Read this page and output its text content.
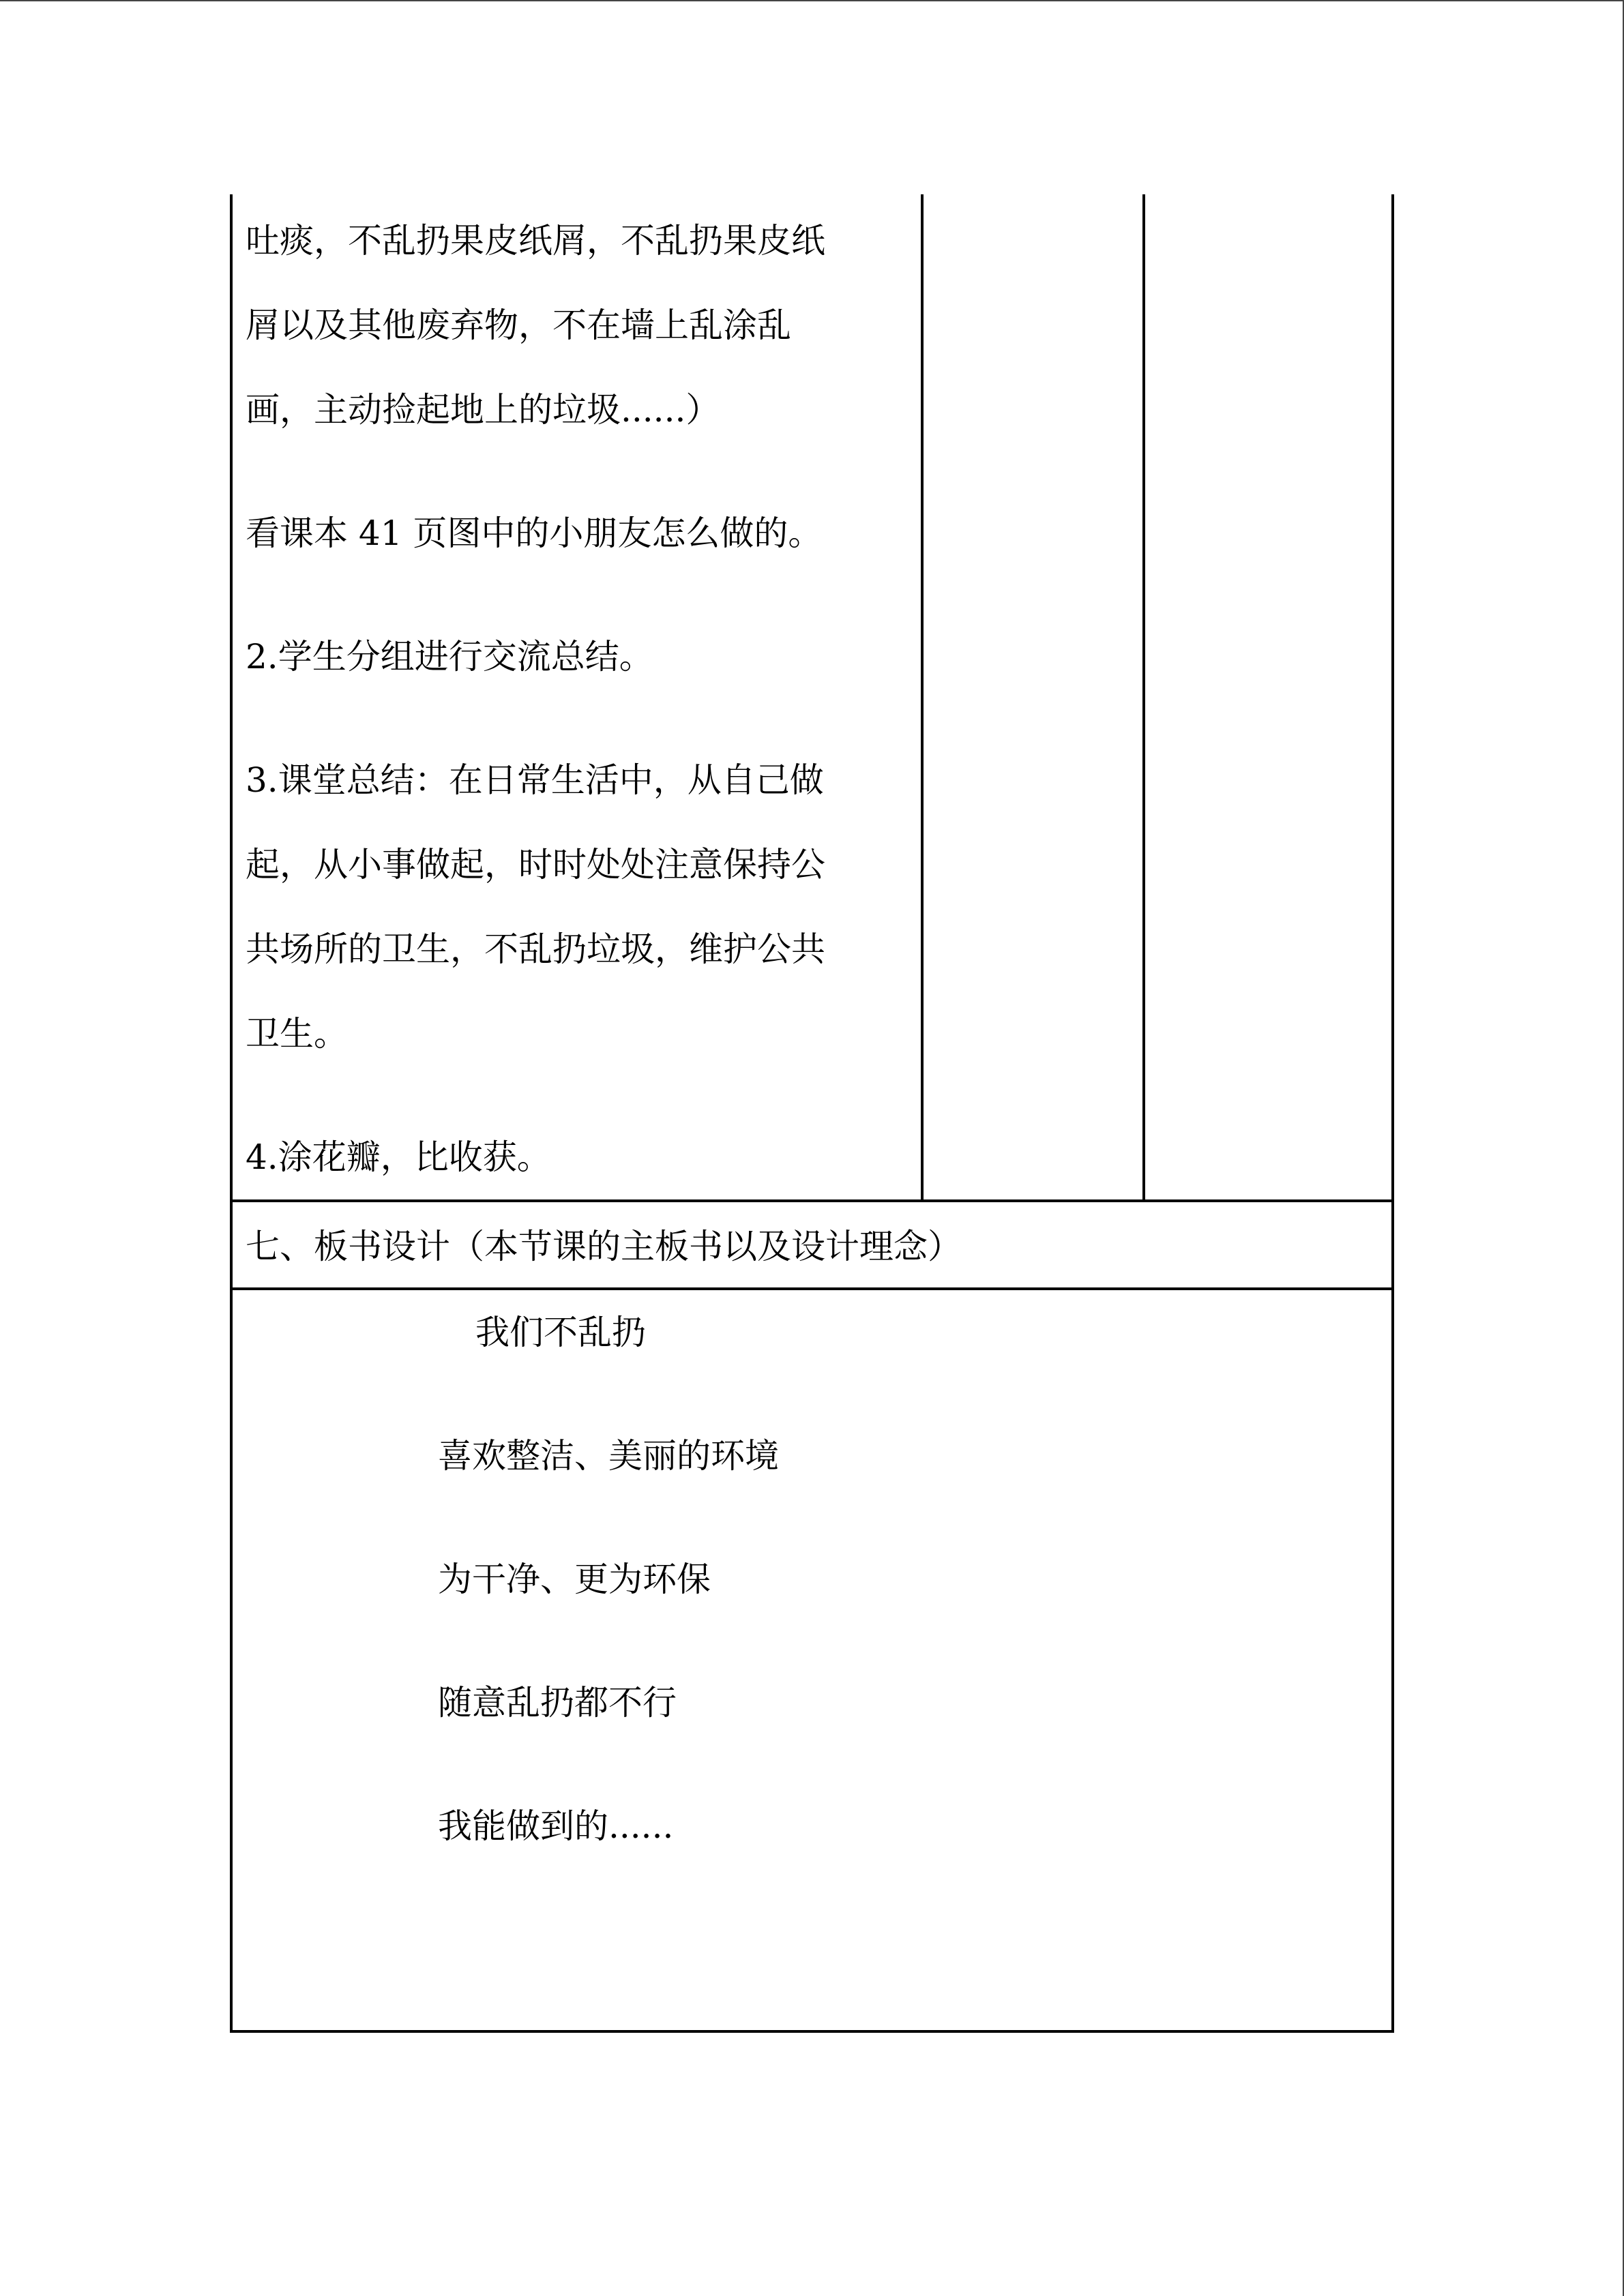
吐痰，不乱扔果皮纸屑，不乱扔果皮纸
屑以及其他废弃物，不在墙上乱涂乱
画，主动捡起地上的垃圾......）
看课本 41 页图中的小朋友怎么做的。
2.学生分组进行交流总结。
3.课堂总结：在日常生活中，从自己做
起，从小事做起，时时处处注意保持公
共场所的卫生，不乱扔垃圾，维护公共
卫生。
4.涂花瓣，比收获。
七、板书设计（本节课的主板书以及设计理念）
我们不乱扔
喜欢整洁、美丽的环境
为干净、更为环保
随意乱扔都不行
我能做到的......
